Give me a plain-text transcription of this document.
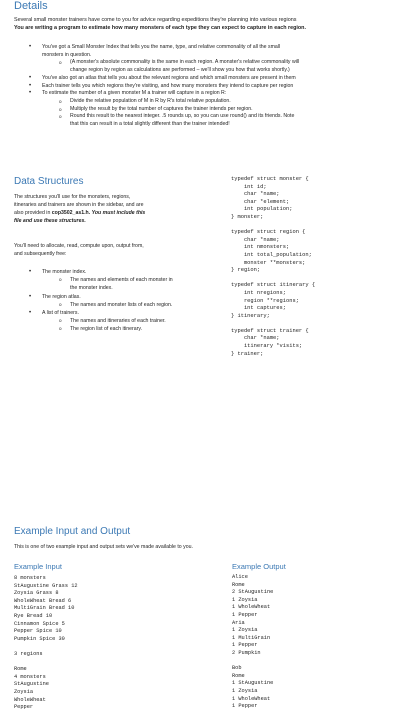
Details
Several small monster trainers have come to you for advice regarding expeditions they're planning into various regions
You are writing a program to estimate how many monsters of each type they can expect to capture in each region.
• You've got a Small Monster Index that tells you the name, type, and relative commonality of all the small
monsters in question.
o (A monster's absolute commonality is the same in each region. A monster's relative commonality will
change region by region as calculations are performed – we'll show you how that works shortly.)
• You've also got an atlas that tells you about the relevant regions and which small monsters are present in them
• Each trainer tells you which regions they're visiting, and how many monsters they intend to capture per region
• To estimate the number of a given monster M a trainer will capture in a region R:
o Divide the relative population of M in R by R's total relative population.
o Multiply the result by the total number of captures the trainer intends per region.
o Round this result to the nearest integer. .5 rounds up, so you can use round() and its friends. Note
that this can result in a total slightly different than the trainer intended!
Data Structures
The structures you'll use for the monsters, regions,
itineraries and trainers are shown in the sidebar, and are
also provided in cop3502_as1.h. You must include this
file and use these structures.
You'll need to allocate, read, compute upon, output from,
and subsequently free:
• The monster index.
o The names and elements of each monster in
the monster index.
• The region atlas.
o The names and monster lists of each region.
• A list of trainers.
o The names and itineraries of each trainer.
o The region list of each itinerary.
typedef struct monster {
int id;
char *name;
char *element;
int population;
} monster;

typedef struct region {
char *name;
int nmonsters;
int total_population;
monster **monsters;
} region;

typedef struct itinerary {
int nregions;
region **regions;
int captures;
} itinerary;

typedef struct trainer {
char *name;
itinerary *visits;
} trainer;
Example Input and Output
This is one of two example input and output sets we've made available to you.
Example Input	Example Output
8 monsters
StAugustine Grass 12
Zoysia Grass 8
WholeWheat Bread 6
MultiGrain Bread 10
Rye Bread 10
Cinnamon Spice 5
Pepper Spice 10
Pumpkin Spice 30

3 regions

Rome
4 monsters
StAugustine
Zoysia
WholeWheat
Pepper
Alice
Rome
2 StAugustine
1 Zoysia
1 WholeWheat
1 Pepper
Aria
1 Zoysia
1 MultiGrain
1 Pepper
2 Pumpkin

Bob
Rome
1 StAugustine
1 Zoysia
1 WholeWheat
1 Pepper
